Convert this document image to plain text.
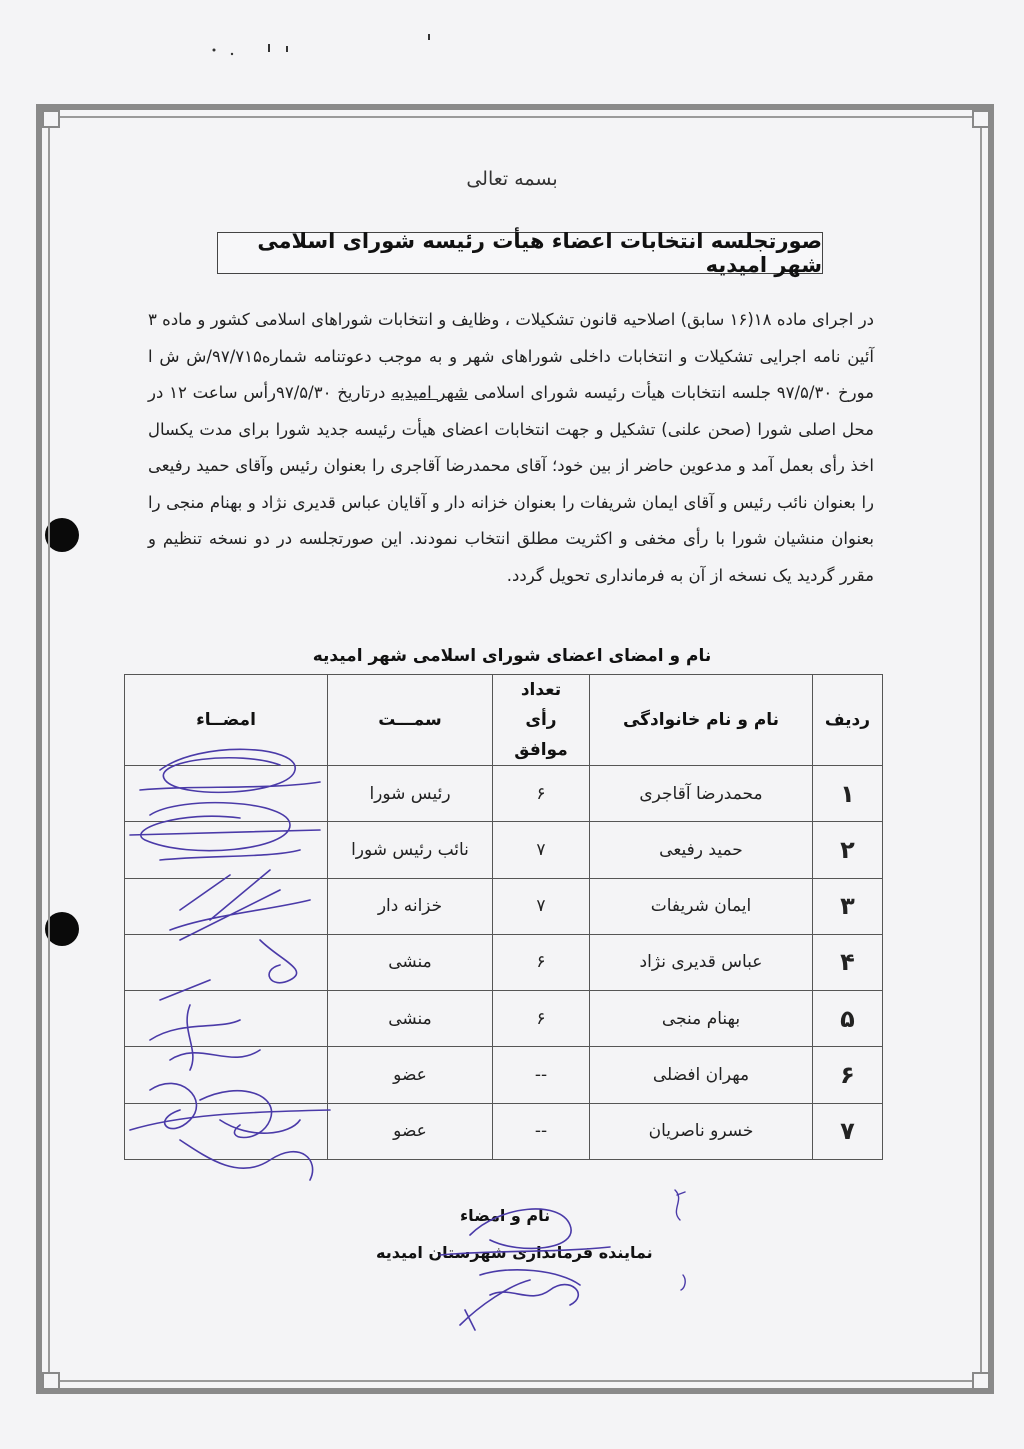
بسمه تعالی
صورتجلسه انتخابات اعضاء هیأت رئیسه شورای اسلامی شهر امیدیه
در اجرای ماده ۱۸(۱۶ سابق) اصلاحیه قانون تشکیلات ، وظایف و انتخابات شوراهای اسلامی کشور و ماده ۳ آئین نامه اجرایی تشکیلات و انتخابات داخلی شوراهای شهر و به موجب دعوتنامه شماره۹۷/۷۱۵/ش ش ا مورخ ۹۷/۵/۳۰ جلسه انتخابات هیأت رئیسه شورای اسلامی شهر امیدیه درتاریخ ۹۷/۵/۳۰رأس ساعت ۱۲ در محل اصلی شورا (صحن علنی) تشکیل و جهت انتخابات اعضای هیأت رئیسه جدید شورا برای مدت یکسال اخذ رأی بعمل آمد و مدعوین حاضر از بین خود؛ آقای محمدرضا آقاجری را بعنوان رئیس وآقای حمید رفیعی را بعنوان نائب رئیس و آقای ایمان شریفات را بعنوان خزانه دار و آقایان عباس قدیری نژاد و بهنام منجی را بعنوان منشیان شورا با رأی مخفی و اکثریت مطلق انتخاب نمودند. این صورتجلسه در دو نسخه تنظیم و مقرر گردید یک نسخه از آن به فرمانداری تحویل گردد.
نام و امضای اعضای شورای اسلامی شهر امیدیه
ردیف	نام و نام خانوادگی	تعداد رأی موافق	سمـــت	امضــاء
۱	محمدرضا آقاجری	۶	رئیس شورا	
۲	حمید رفیعی	۷	نائب رئیس شورا	
۳	ایمان شریفات	۷	خزانه دار	
۴	عباس قدیری نژاد	۶	منشی	
۵	بهنام منجی	۶	منشی	
۶	مهران افضلی	--	عضو	
۷	خسرو ناصریان	--	عضو	
نام و امضاء
نماینده فرمانداری شهرستان امیدیه
